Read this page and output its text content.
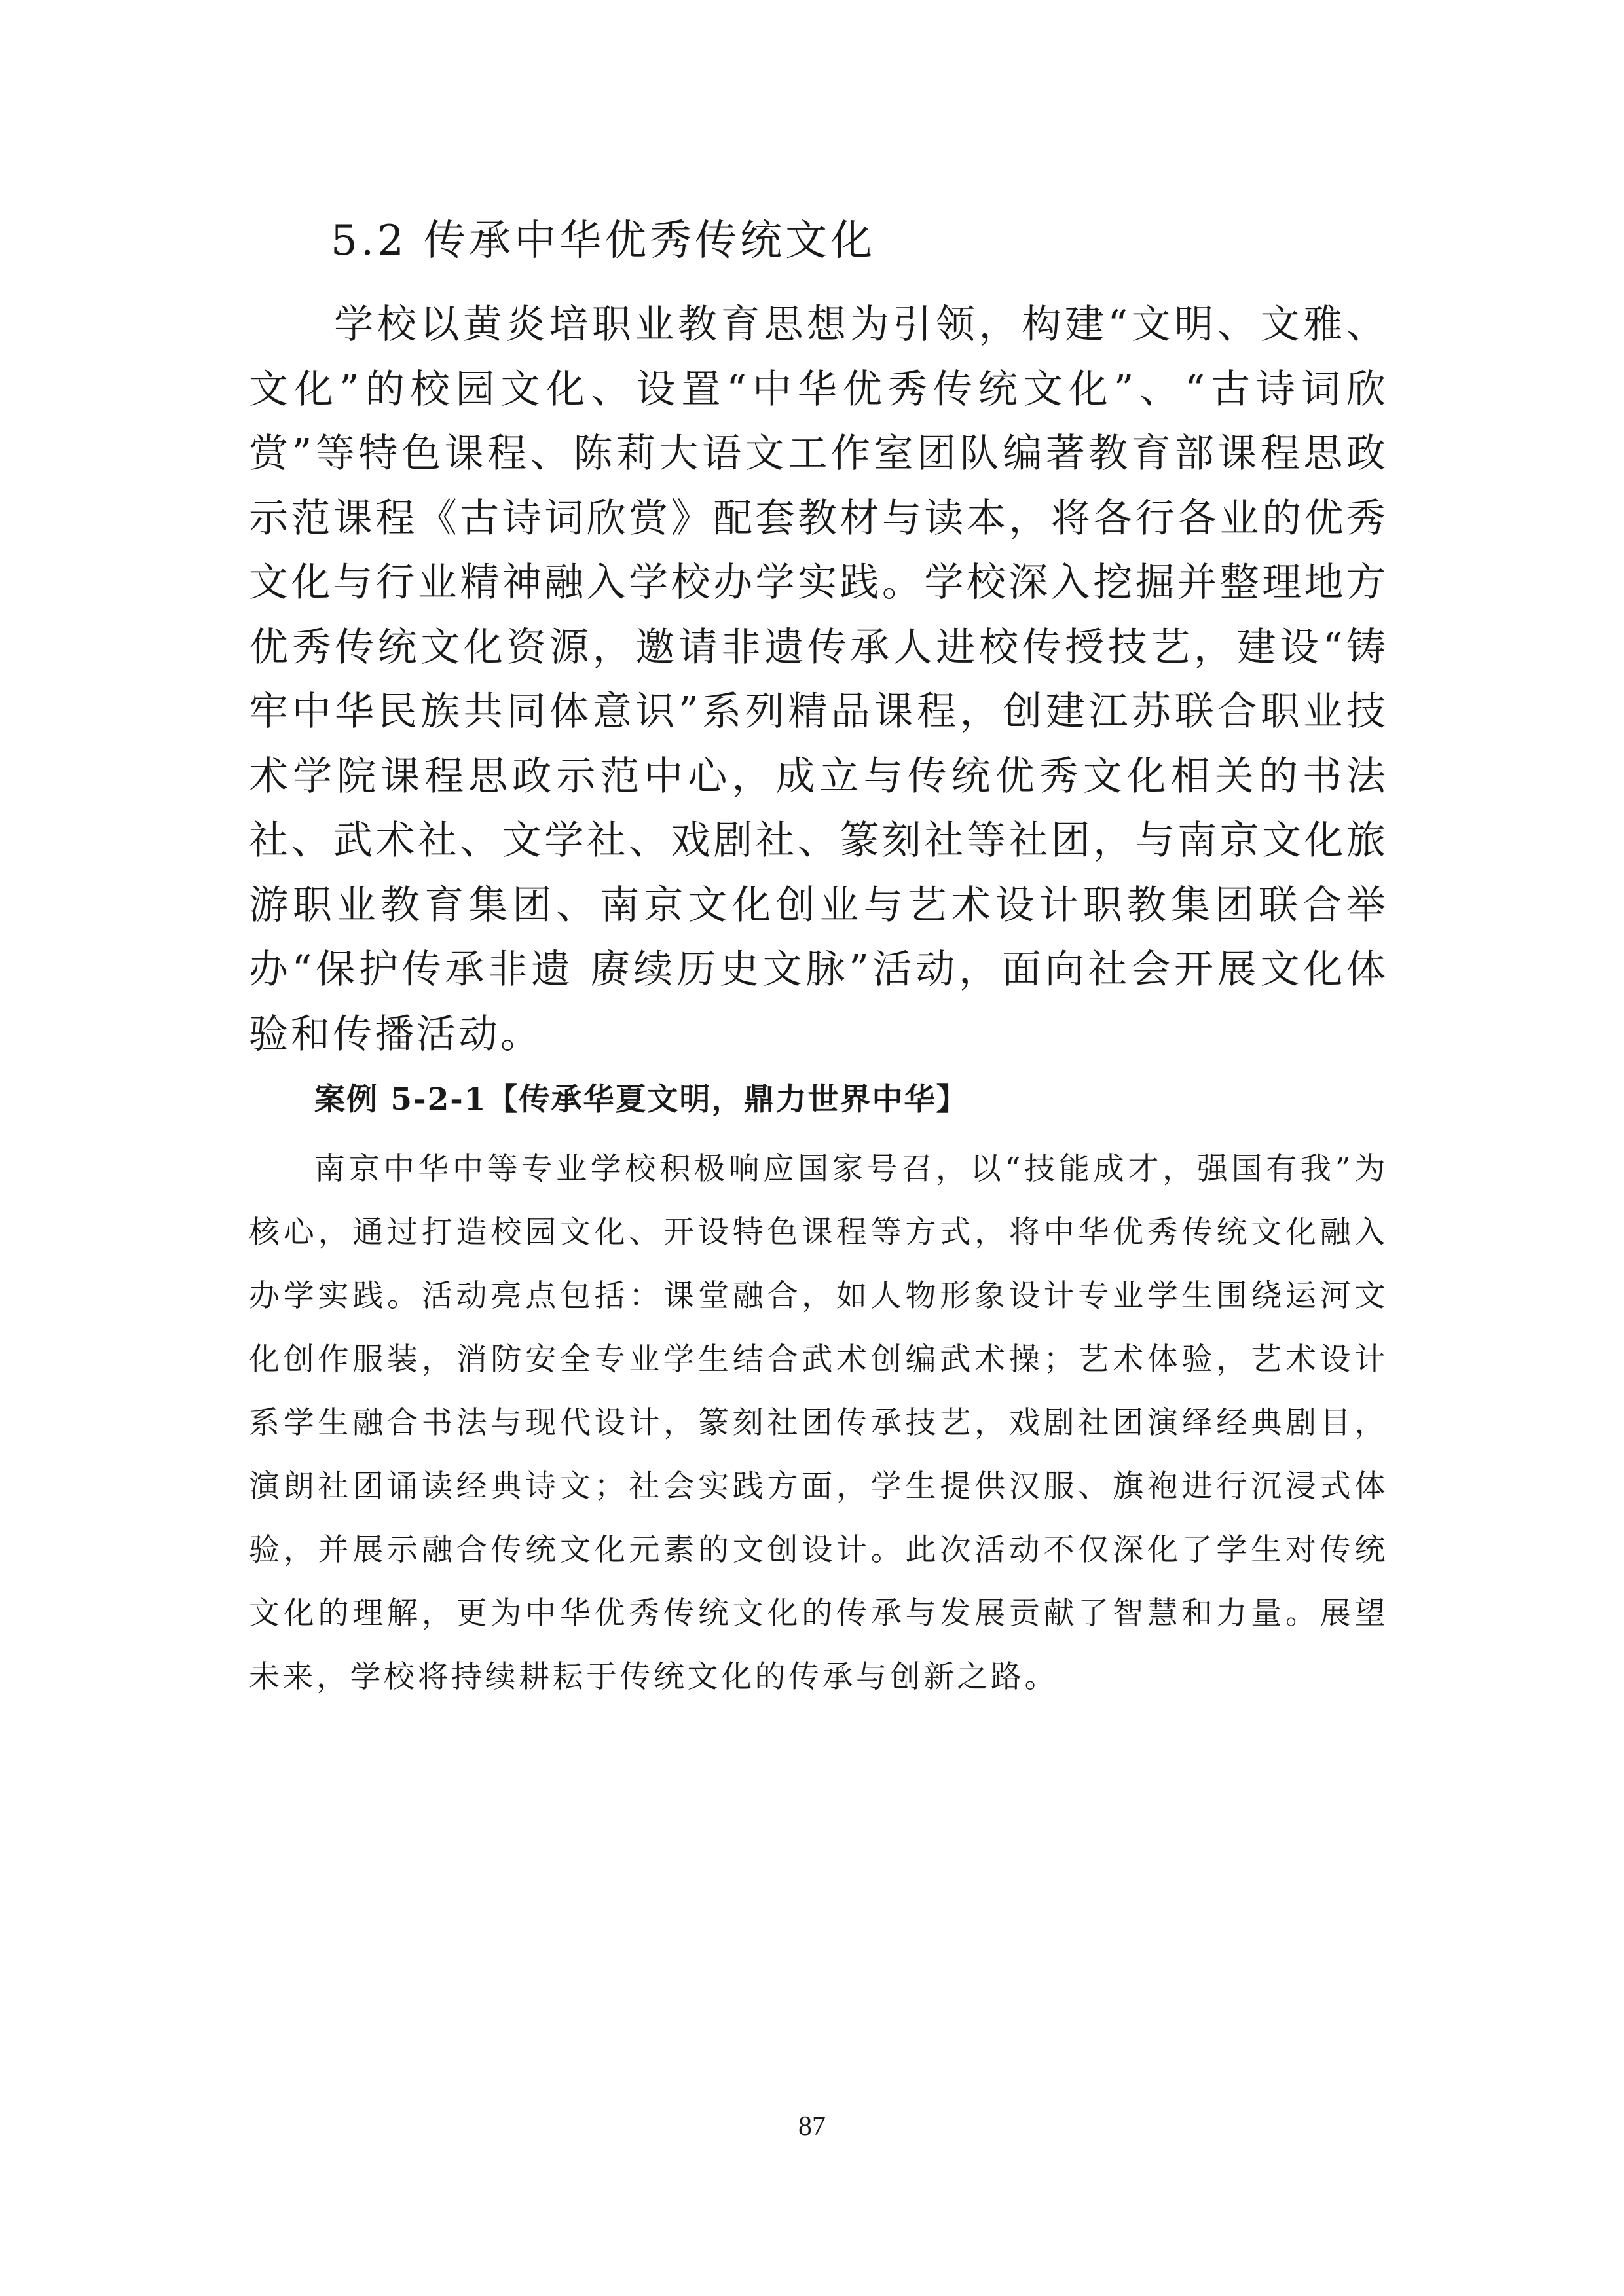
5.2 传承中华优秀传统文化

学校以黄炎培职业教育思想为引领，构建“文明、文雅、文化”的校园文化、设置“中华优秀传统文化”、“古诗词欣赏”等特色课程、陈莉大语文工作室团队编著教育部课程思政示范课程《古诗词欣赏》配套教材与读本，将各行各业的优秀文化与行业精神融入学校办学实践。学校深入挖掘并整理地方优秀传统文化资源，邀请非遗传承人进校传授技艺，建设“铸牢中华民族共同体意识”系列精品课程，创建江苏联合职业技术学院课程思政示范中心，成立与传统优秀文化相关的书法社、武术社、文学社、戏剧社、篆刻社等社团，与南京文化旅游职业教育集团、南京文化创业与艺术设计职教集团联合举办“保护传承非遗 赓续历史文脉”活动，面向社会开展文化体验和传播活动。

案例 5-2-1【传承华夏文明，鼎力世界中华】

南京中华中等专业学校积极响应国家号召，以“技能成才，强国有我”为核心，通过打造校园文化、开设特色课程等方式，将中华优秀传统文化融入办学实践。活动亮点包括：课堂融合，如人物形象设计专业学生围绕运河文化创作服装，消防安全专业学生结合武术创编武术操；艺术体验，艺术设计系学生融合书法与现代设计，篆刻社团传承技艺，戏剧社团演绎经典剧目，演朗社团诵读经典诗文；社会实践方面，学生提供汉服、旗袍进行沉浸式体验，并展示融合传统文化元素的文创设计。此次活动不仅深化了学生对传统文化的理解，更为中华优秀传统文化的传承与发展贡献了智慧和力量。展望未来，学校将持续耕耘于传统文化的传承与创新之路。

87
